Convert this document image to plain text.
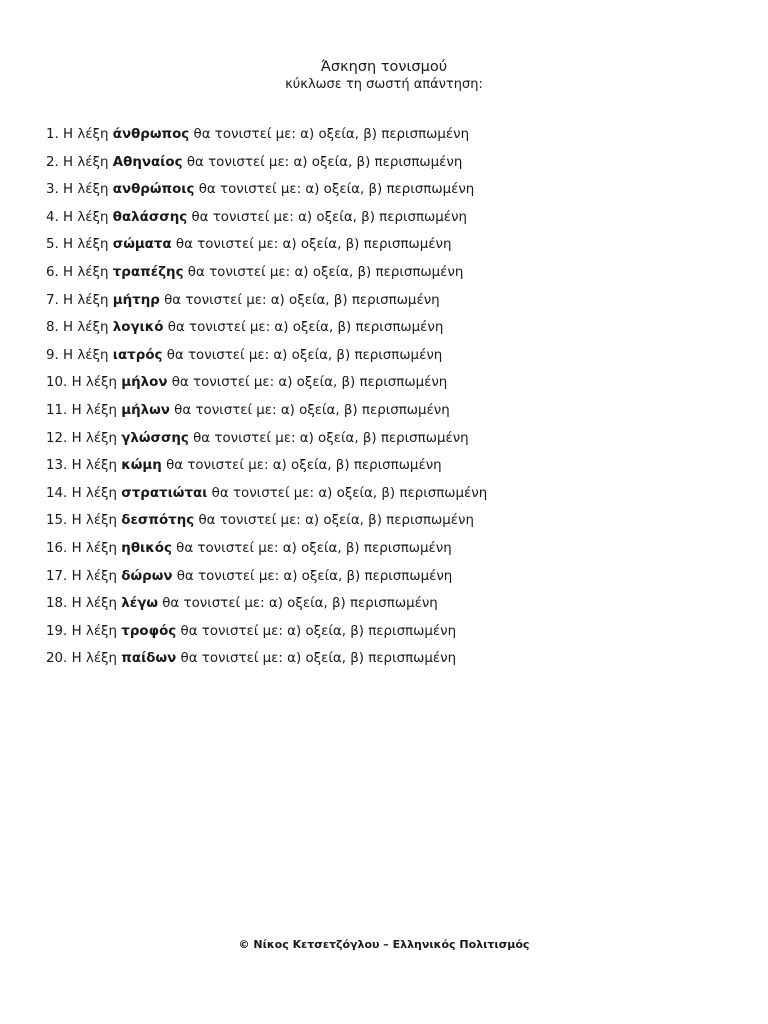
Άσκηση τονισμού
κύκλωσε τη σωστή απάντηση:
1. Η λέξη άνθρωπος θα τονιστεί με: α) οξεία, β) περισπωμένη
2. Η λέξη Αθηναίος θα τονιστεί με: α) οξεία, β) περισπωμένη
3. Η λέξη ανθρώποις θα τονιστεί με: α) οξεία, β) περισπωμένη
4. Η λέξη θαλάσσης θα τονιστεί με: α) οξεία, β) περισπωμένη
5. Η λέξη σώματα θα τονιστεί με: α) οξεία, β) περισπωμένη
6. Η λέξη τραπέζης θα τονιστεί με: α) οξεία, β) περισπωμένη
7. Η λέξη μήτηρ θα τονιστεί με: α) οξεία, β) περισπωμένη
8. Η λέξη λογικό θα τονιστεί με: α) οξεία, β) περισπωμένη
9. Η λέξη ιατρός θα τονιστεί με: α) οξεία, β) περισπωμένη
10. Η λέξη μήλον θα τονιστεί με: α) οξεία, β) περισπωμένη
11. Η λέξη μήλων θα τονιστεί με: α) οξεία, β) περισπωμένη
12. Η λέξη γλώσσης θα τονιστεί με: α) οξεία, β) περισπωμένη
13. Η λέξη κώμη θα τονιστεί με: α) οξεία, β) περισπωμένη
14. Η λέξη στρατιώται θα τονιστεί με: α) οξεία, β) περισπωμένη
15. Η λέξη δεσπότης θα τονιστεί με: α) οξεία, β) περισπωμένη
16. Η λέξη ηθικός θα τονιστεί με: α) οξεία, β) περισπωμένη
17. Η λέξη δώρων θα τονιστεί με: α) οξεία, β) περισπωμένη
18. Η λέξη λέγω θα τονιστεί με: α) οξεία, β) περισπωμένη
19. Η λέξη τροφός θα τονιστεί με: α) οξεία, β) περισπωμένη
20. Η λέξη παίδων θα τονιστεί με: α) οξεία, β) περισπωμένη
© Νίκος Κετσετζόγλου – Ελληνικός Πολιτισμός
